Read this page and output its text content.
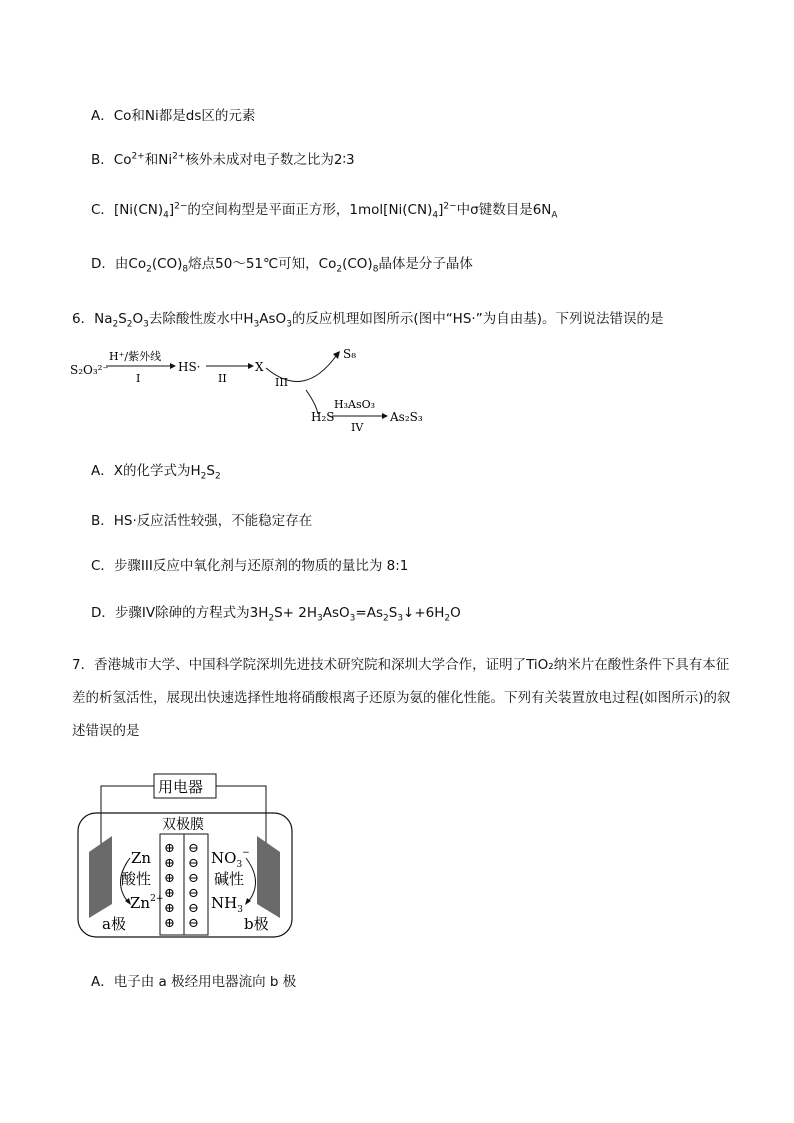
A．Co和Ni都是ds区的元素
B．$Co^{2+}$和$Ni^{2+}$核外未成对电子数之比为2∶3
C．$[Ni(CN)_4]^{2-}$的空间构型是平面正方形，$1mol[Ni(CN)_4]^{2-}$中σ键数目是$6N_A$
D．由$Co_2(CO)_8$熔点50～51℃可知，$Co_2(CO)_8$晶体是分子晶体
6．$Na_2S_2O_3$去除酸性废水中$H_3AsO_3$的反应机理如图所示(图中“HS·”为自由基)。下列说法错误的是
S₂O₃²⁻
H⁺/紫外线
I
HS·
II
X
III
S₈
H₂S
H₃AsO₃
IV
As₂S₃
A．X的化学式为$H_2S_2$
B．HS·反应活性较强，不能稳定存在
C．步骤III反应中氧化剂与还原剂的物质的量比为 8:1
D．步骤IV除砷的方程式为$3H_2S+$ $2H_3AsO_3=As_2S_3↓+6H_2O$
7．香港城市大学、中国科学院深圳先进技术研究院和深圳大学合作，证明了TiO₂纳米片在酸性条件下具有本征差的析氢活性，展现出快速选择性地将硝酸根离子还原为氨的催化性能。下列有关装置放电过程(如图所示)的叙述错误的是
用电器
双极膜
⊕
⊕
⊕
⊕
⊕
⊕
⊖
⊖
⊖
⊖
⊖
⊖
Zn
酸性
$Zn^{2+}$
$NO_3^-$
碱性
$NH_3$
a极	b极
A．电子由 a 极经用电器流向 b 极
